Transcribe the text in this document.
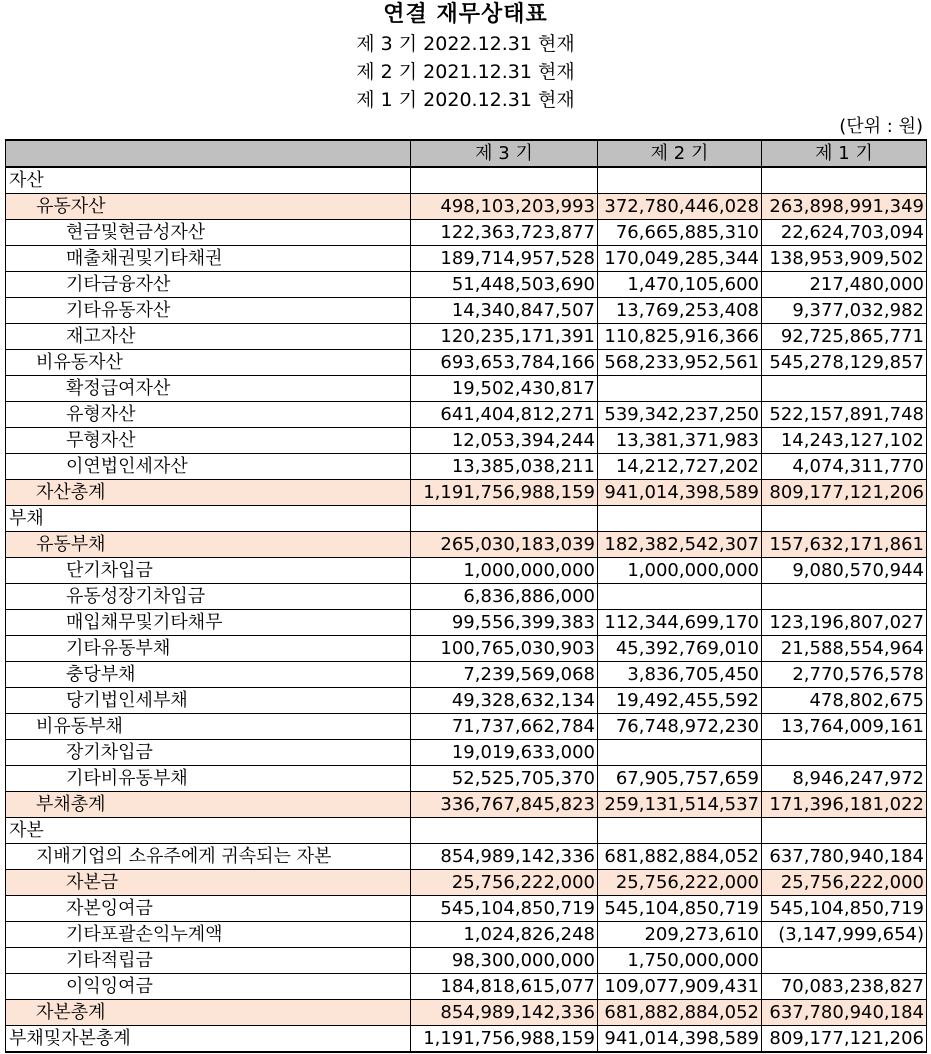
연결 재무상태표
제 3 기 2022.12.31 현재
제 2 기 2021.12.31 현재
제 1 기 2020.12.31 현재
(단위 : 원)
	제 3 기	제 2 기	제 1 기
자산			
유동자산	498,103,203,993	372,780,446,028	263,898,991,349
현금및현금성자산	122,363,723,877	76,665,885,310	22,624,703,094
매출채권및기타채권	189,714,957,528	170,049,285,344	138,953,909,502
기타금융자산	51,448,503,690	1,470,105,600	217,480,000
기타유동자산	14,340,847,507	13,769,253,408	9,377,032,982
재고자산	120,235,171,391	110,825,916,366	92,725,865,771
비유동자산	693,653,784,166	568,233,952,561	545,278,129,857
확정급여자산	19,502,430,817		
유형자산	641,404,812,271	539,342,237,250	522,157,891,748
무형자산	12,053,394,244	13,381,371,983	14,243,127,102
이연법인세자산	13,385,038,211	14,212,727,202	4,074,311,770
자산총계	1,191,756,988,159	941,014,398,589	809,177,121,206
부채			
유동부채	265,030,183,039	182,382,542,307	157,632,171,861
단기차입금	1,000,000,000	1,000,000,000	9,080,570,944
유동성장기차입금	6,836,886,000		
매입채무및기타채무	99,556,399,383	112,344,699,170	123,196,807,027
기타유동부채	100,765,030,903	45,392,769,010	21,588,554,964
충당부채	7,239,569,068	3,836,705,450	2,770,576,578
당기법인세부채	49,328,632,134	19,492,455,592	478,802,675
비유동부채	71,737,662,784	76,748,972,230	13,764,009,161
장기차입금	19,019,633,000		
기타비유동부채	52,525,705,370	67,905,757,659	8,946,247,972
부채총계	336,767,845,823	259,131,514,537	171,396,181,022
자본			
지배기업의 소유주에게 귀속되는 자본	854,989,142,336	681,882,884,052	637,780,940,184
자본금	25,756,222,000	25,756,222,000	25,756,222,000
자본잉여금	545,104,850,719	545,104,850,719	545,104,850,719
기타포괄손익누계액	1,024,826,248	209,273,610	(3,147,999,654)
기타적립금	98,300,000,000	1,750,000,000	
이익잉여금	184,818,615,077	109,077,909,431	70,083,238,827
자본총계	854,989,142,336	681,882,884,052	637,780,940,184
부채및자본총계	1,191,756,988,159	941,014,398,589	809,177,121,206
